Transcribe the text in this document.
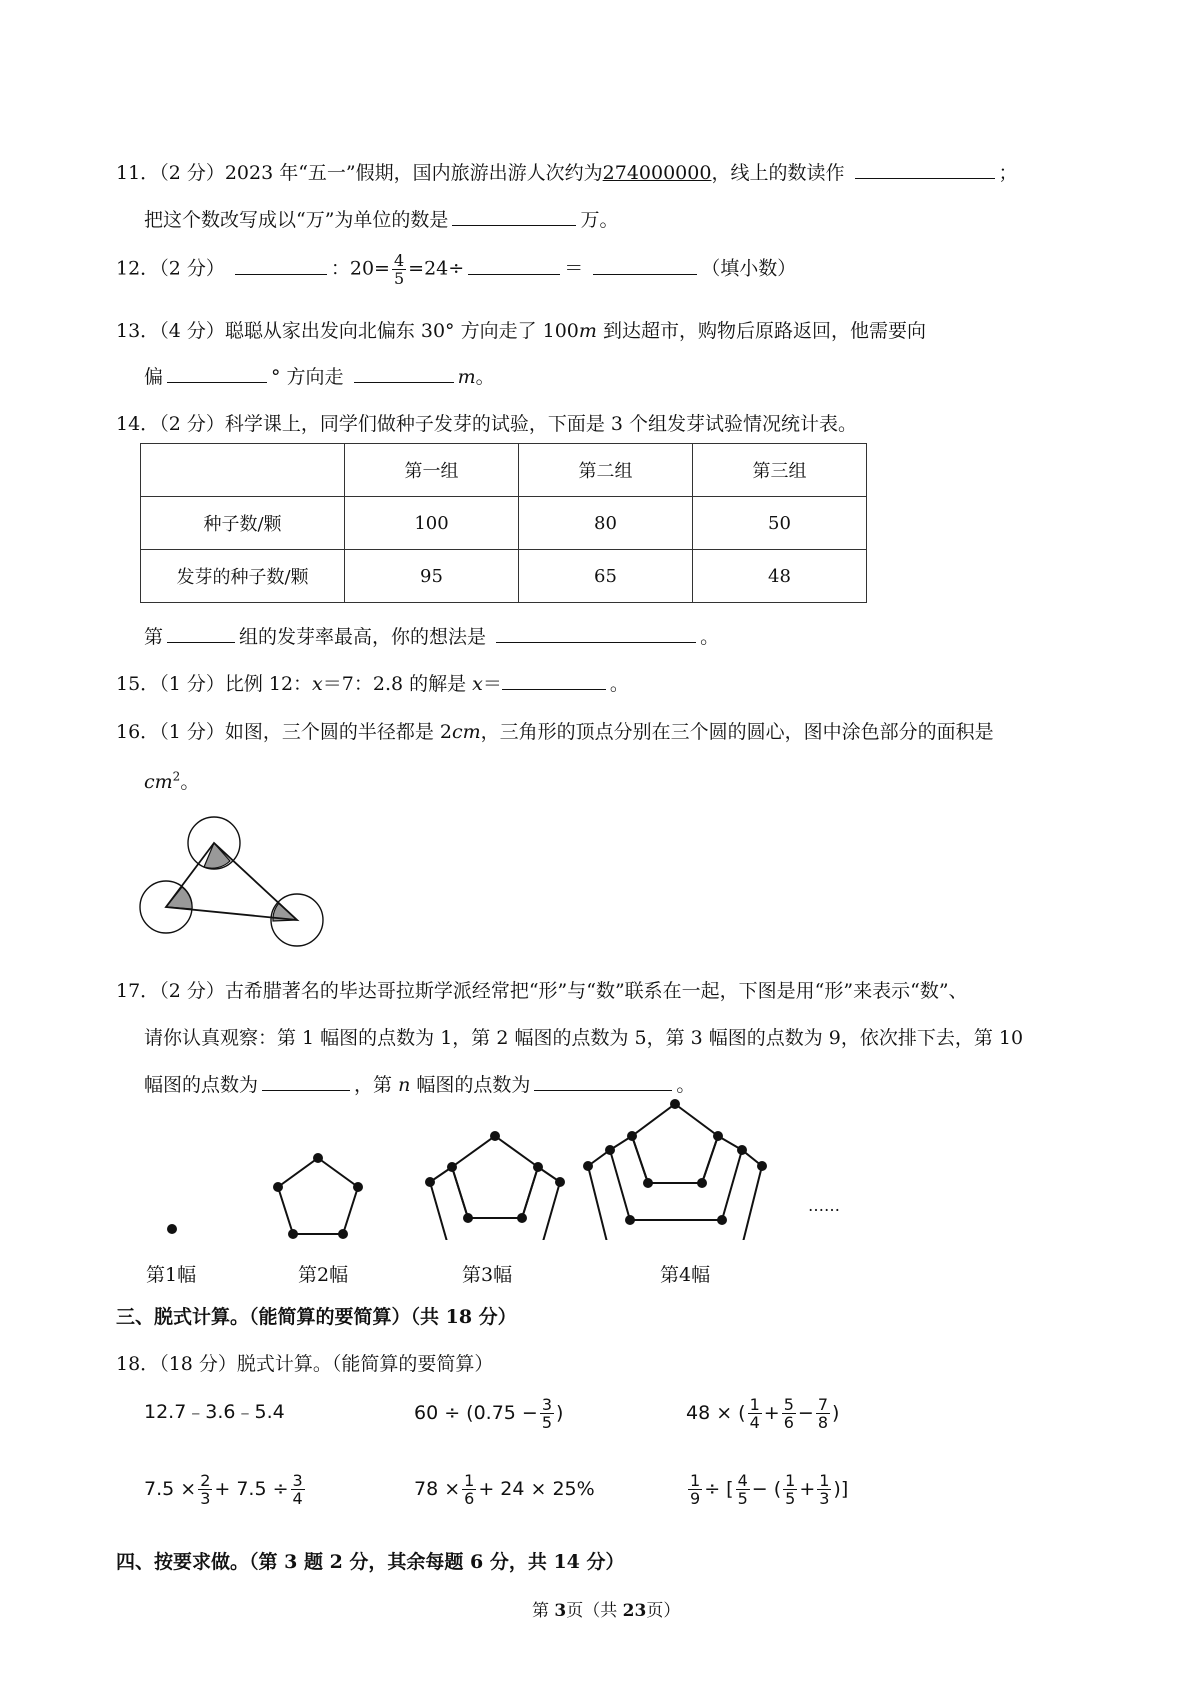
11．（2 分）2023 年“五一”假期，国内旅游出游人次约为274000000，线上的数读作	；
把这个数改写成以“万”为单位的数是	万。
12．（2 分）	：$20= \frac{4}{5} =24\div$	＝	（填小数）
13．（4 分）聪聪从家出发向北偏东 30° 方向走了 100m 到达超市，购物后原路返回，他需要向
偏	° 方向走	m。
14．（2 分）科学课上，同学们做种子发芽的试验，下面是 3 个组发芽试验情况统计表。
	第一组	第二组	第三组
种子数/颗	100	80	50
发芽的种子数/颗	95	65	48
第	组的发芽率最高，你的想法是	。
15．（1 分）比例 12：x＝7：2.8 的解是 x＝	。
16．（1 分）如图，三个圆的半径都是 2cm，三角形的顶点分别在三个圆的圆心，图中涂色部分的面积是
$cm^2$。
17．（2 分）古希腊著名的毕达哥拉斯学派经常把“形”与“数”联系在一起，下图是用“形”来表示“数”、
请你认真观察：第 1 幅图的点数为 1，第 2 幅图的点数为 5，第 3 幅图的点数为 9，依次排下去，第 10
幅图的点数为	，第 n 幅图的点数为	。
……
第1幅	第2幅	第3幅	第4幅
三、脱式计算。（能简算的要简算）（共 18 分）
18．（18 分）脱式计算。（能简算的要简算）
12.7﹣3.6﹣5.4	$60 \div (0.75 - \frac{3}{5}$ )	48 × ( $\frac{1}{4} + \frac{5}{6} - \frac{7}{8}$ )
$7.5 \times \frac{2}{3} + 7.5 \div \frac{3}{4}$	$78 \times \frac{1}{6} + 24 \times 25\%$	$\frac{1}{9}$ ÷ [ $\frac{4}{5}$ − ( $\frac{1}{5} + \frac{1}{3}$ )]
四、按要求做。（第 3 题 2 分，其余每题 6 分，共 14 分）
第 3页（共 23页）
